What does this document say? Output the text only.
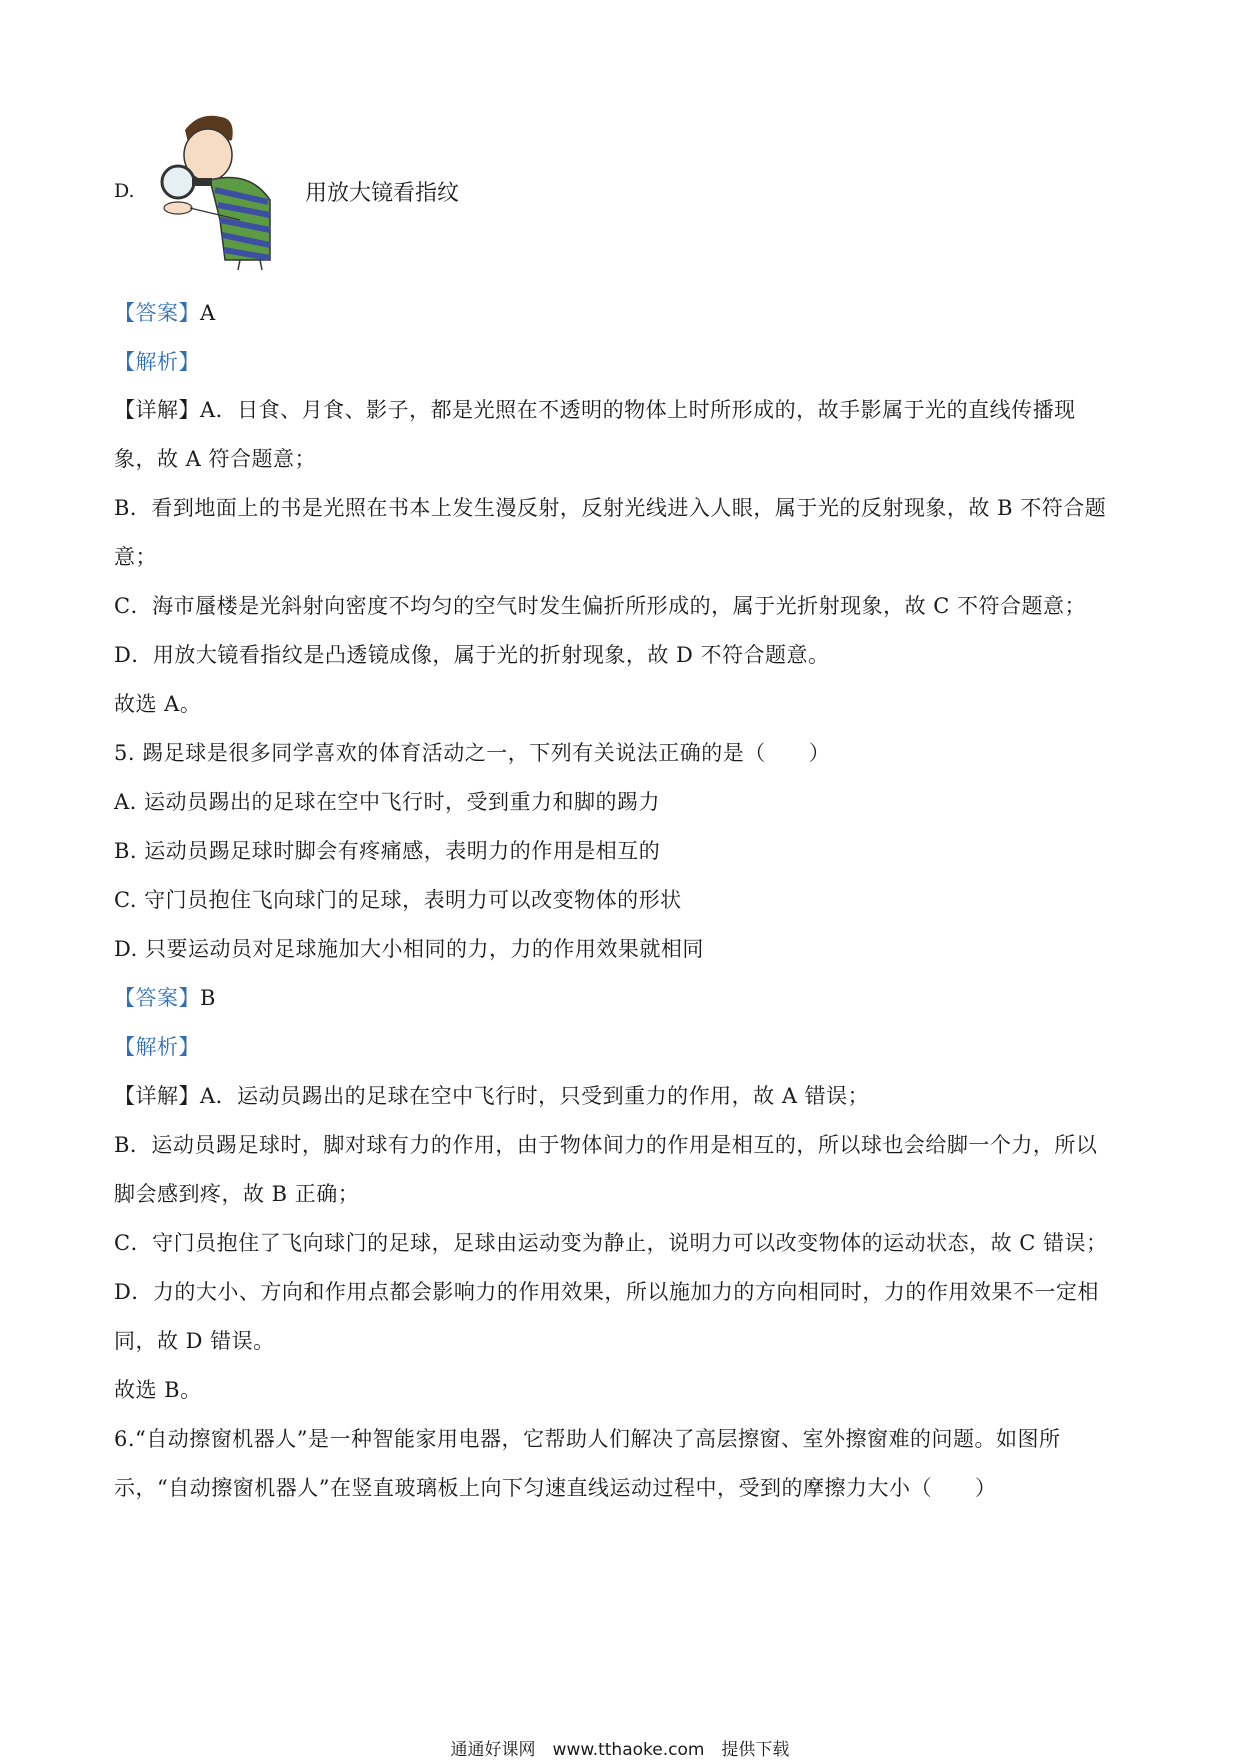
D.	用放大镜看指纹
【答案】A
【解析】
【详解】A．日食、月食、影子，都是光照在不透明的物体上时所形成的，故手影属于光的直线传播现
象，故 A 符合题意；
B．看到地面上的书是光照在书本上发生漫反射，反射光线进入人眼，属于光的反射现象，故 B 不符合题
意；
C．海市蜃楼是光斜射向密度不均匀的空气时发生偏折所形成的，属于光折射现象，故 C 不符合题意；
D．用放大镜看指纹是凸透镜成像，属于光的折射现象，故 D 不符合题意。
故选 A。
5. 踢足球是很多同学喜欢的体育活动之一，下列有关说法正确的是（　　）
A. 运动员踢出的足球在空中飞行时，受到重力和脚的踢力
B. 运动员踢足球时脚会有疼痛感，表明力的作用是相互的
C. 守门员抱住飞向球门的足球，表明力可以改变物体的形状
D. 只要运动员对足球施加大小相同的力，力的作用效果就相同
【答案】B
【解析】
【详解】A．运动员踢出的足球在空中飞行时，只受到重力的作用，故 A 错误；
B．运动员踢足球时，脚对球有力的作用，由于物体间力的作用是相互的，所以球也会给脚一个力，所以
脚会感到疼，故 B 正确；
C．守门员抱住了飞向球门的足球，足球由运动变为静止，说明力可以改变物体的运动状态，故 C 错误；
D．力的大小、方向和作用点都会影响力的作用效果，所以施加力的方向相同时，力的作用效果不一定相
同，故 D 错误。
故选 B。
6.“自动擦窗机器人”是一种智能家用电器，它帮助人们解决了高层擦窗、室外擦窗难的问题。如图所
示，“自动擦窗机器人”在竖直玻璃板上向下匀速直线运动过程中，受到的摩擦力大小（　　）
通通好课网　www.tthaoke.com　提供下载
